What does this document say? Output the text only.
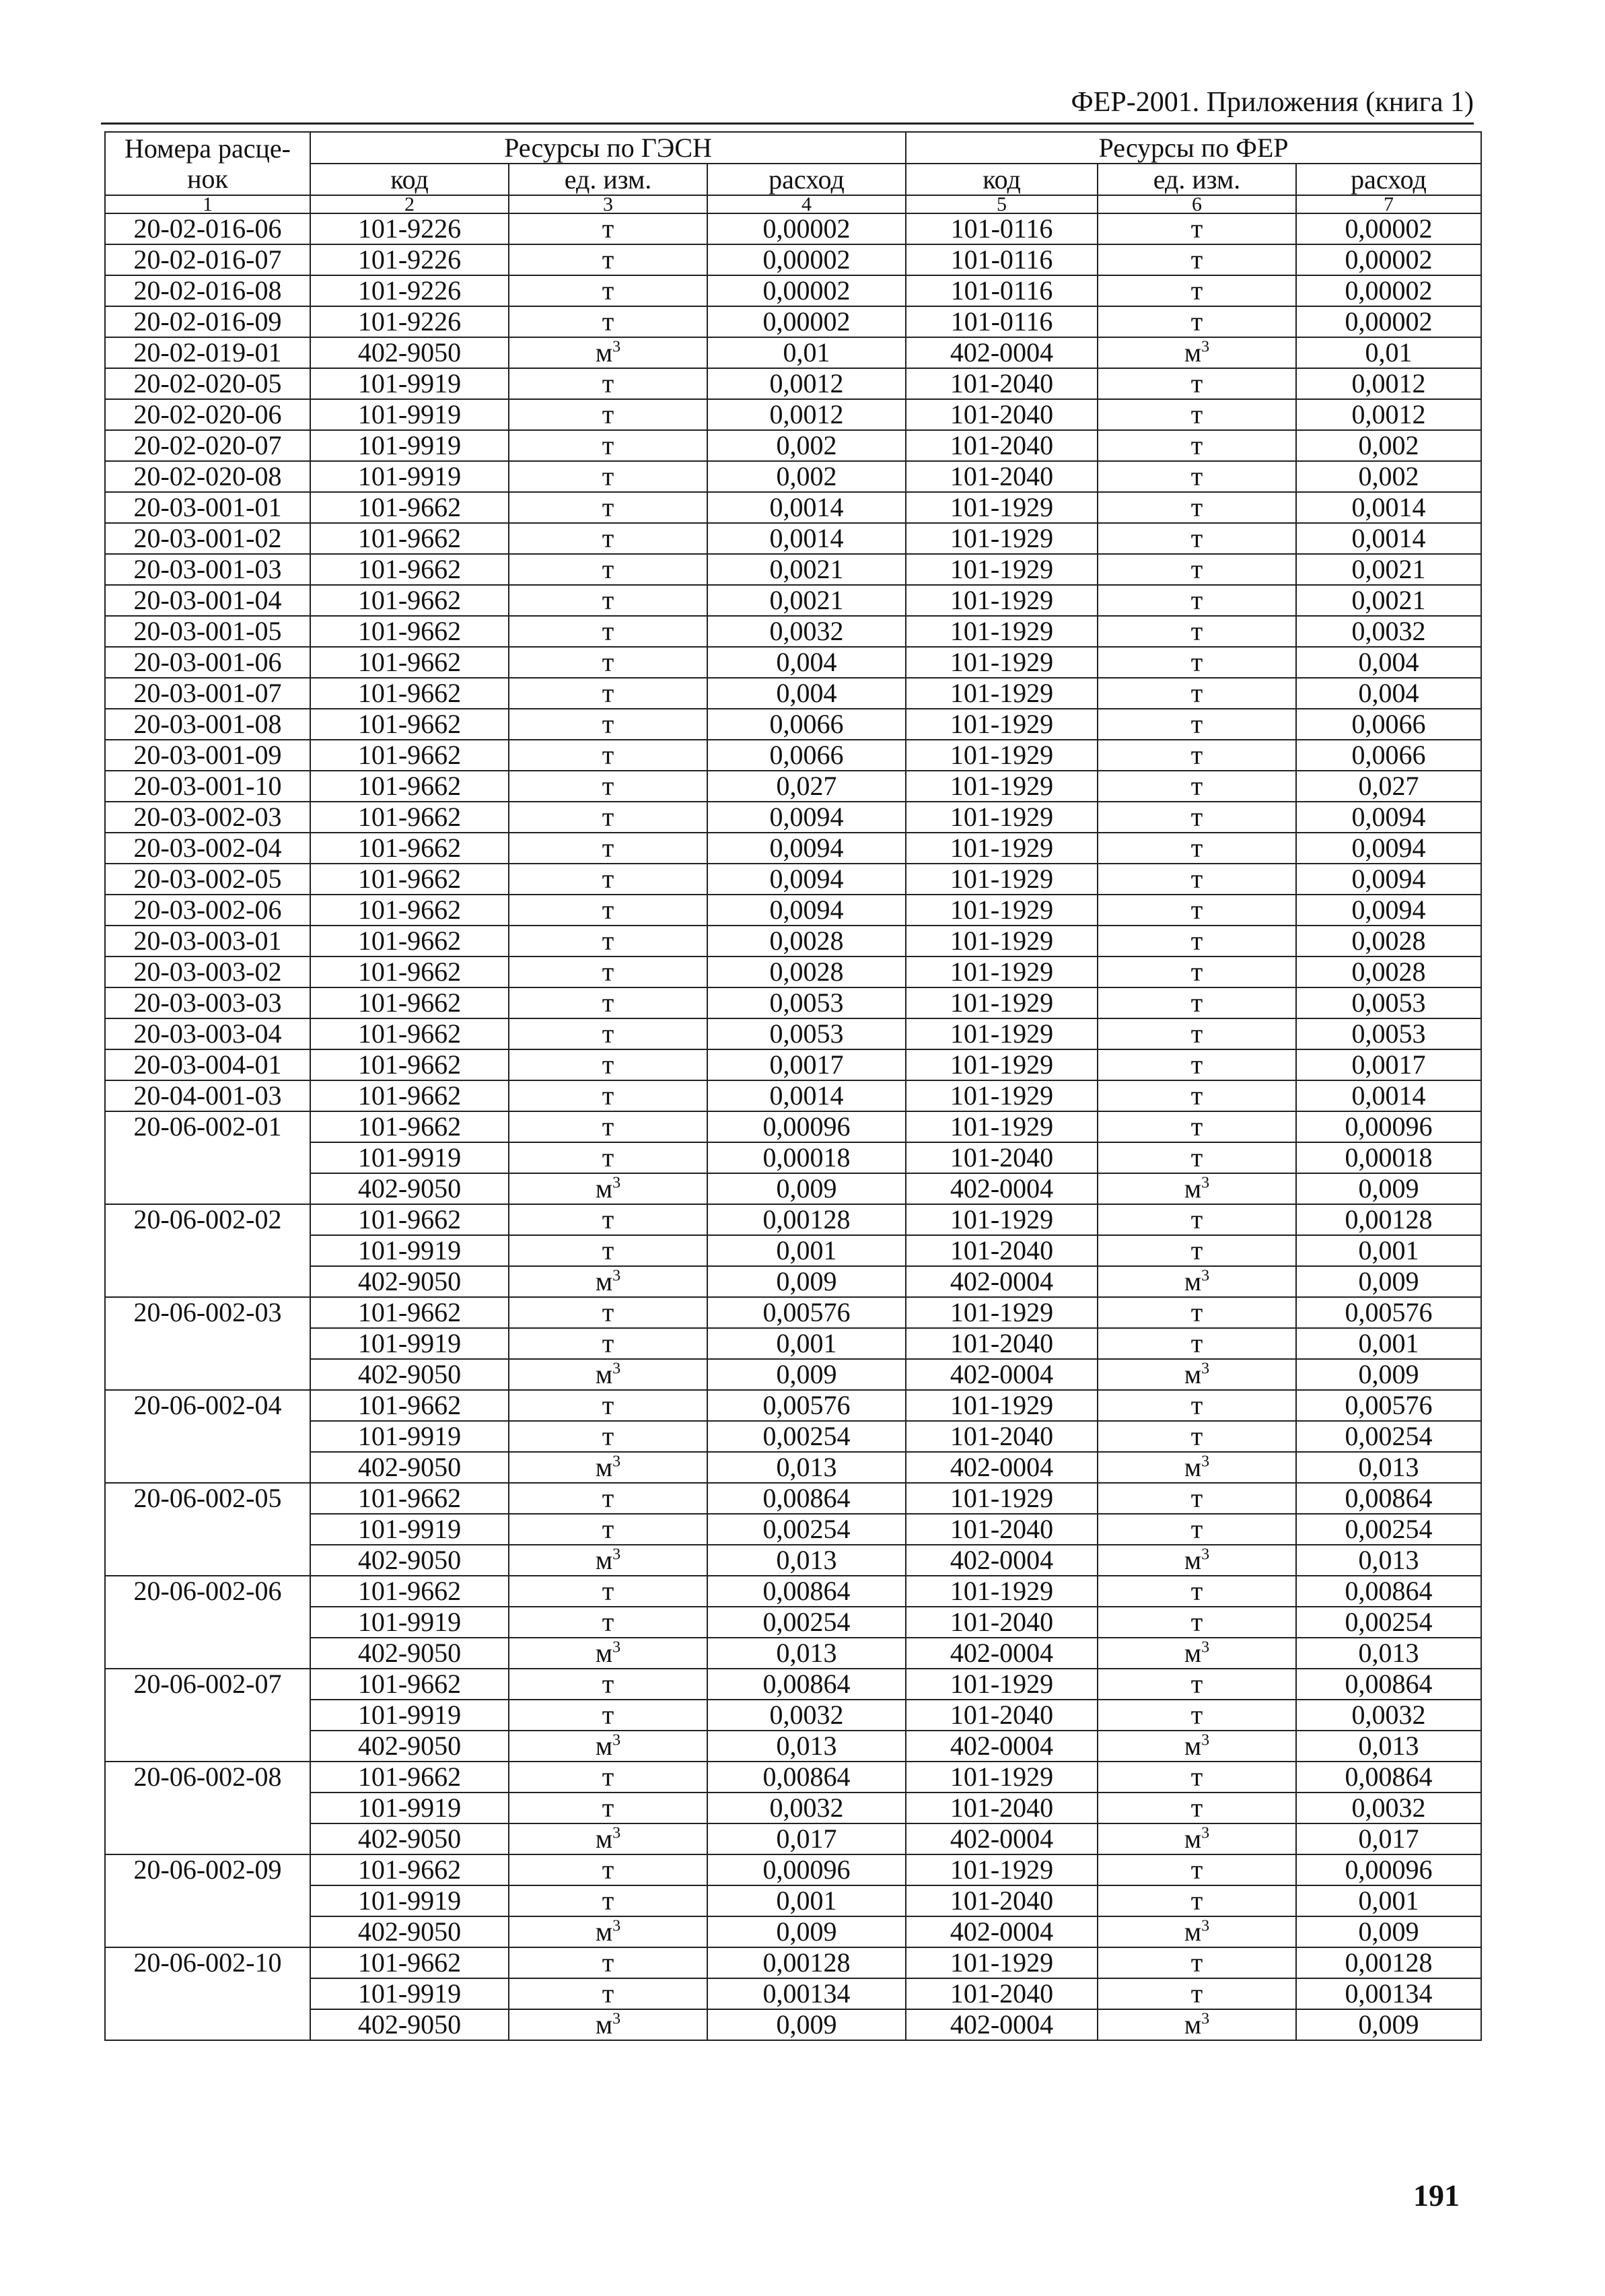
ФЕР-2001. Приложения (книга 1)
Номера расце-нок	Ресурсы по ГЭСН			Ресурсы по ФЕР		
	код	ед. изм.	расход	код	ед. изм.	расход
1	2	3	4	5	6	7
20-02-016-06	101-9226	т	0,00002	101-0116	т	0,00002
20-02-016-07	101-9226	т	0,00002	101-0116	т	0,00002
20-02-016-08	101-9226	т	0,00002	101-0116	т	0,00002
20-02-016-09	101-9226	т	0,00002	101-0116	т	0,00002
20-02-019-01	402-9050	$м^3$	0,01	402-0004	$м^3$	0,01
20-02-020-05	101-9919	т	0,0012	101-2040	т	0,0012
20-02-020-06	101-9919	т	0,0012	101-2040	т	0,0012
20-02-020-07	101-9919	т	0,002	101-2040	т	0,002
20-02-020-08	101-9919	т	0,002	101-2040	т	0,002
20-03-001-01	101-9662	т	0,0014	101-1929	т	0,0014
20-03-001-02	101-9662	т	0,0014	101-1929	т	0,0014
20-03-001-03	101-9662	т	0,0021	101-1929	т	0,0021
20-03-001-04	101-9662	т	0,0021	101-1929	т	0,0021
20-03-001-05	101-9662	т	0,0032	101-1929	т	0,0032
20-03-001-06	101-9662	т	0,004	101-1929	т	0,004
20-03-001-07	101-9662	т	0,004	101-1929	т	0,004
20-03-001-08	101-9662	т	0,0066	101-1929	т	0,0066
20-03-001-09	101-9662	т	0,0066	101-1929	т	0,0066
20-03-001-10	101-9662	т	0,027	101-1929	т	0,027
20-03-002-03	101-9662	т	0,0094	101-1929	т	0,0094
20-03-002-04	101-9662	т	0,0094	101-1929	т	0,0094
20-03-002-05	101-9662	т	0,0094	101-1929	т	0,0094
20-03-002-06	101-9662	т	0,0094	101-1929	т	0,0094
20-03-003-01	101-9662	т	0,0028	101-1929	т	0,0028
20-03-003-02	101-9662	т	0,0028	101-1929	т	0,0028
20-03-003-03	101-9662	т	0,0053	101-1929	т	0,0053
20-03-003-04	101-9662	т	0,0053	101-1929	т	0,0053
20-03-004-01	101-9662	т	0,0017	101-1929	т	0,0017
20-04-001-03	101-9662	т	0,0014	101-1929	т	0,0014
20-06-002-01	101-9662	т	0,00096	101-1929	т	0,00096
	101-9919	т	0,00018	101-2040	т	0,00018
	402-9050	$м^3$	0,009	402-0004	$м^3$	0,009
20-06-002-02	101-9662	т	0,00128	101-1929	т	0,00128
	101-9919	т	0,001	101-2040	т	0,001
	402-9050	$м^3$	0,009	402-0004	$м^3$	0,009
20-06-002-03	101-9662	т	0,00576	101-1929	т	0,00576
	101-9919	т	0,001	101-2040	т	0,001
	402-9050	$м^3$	0,009	402-0004	$м^3$	0,009
20-06-002-04	101-9662	т	0,00576	101-1929	т	0,00576
	101-9919	т	0,00254	101-2040	т	0,00254
	402-9050	$м^3$	0,013	402-0004	$м^3$	0,013
20-06-002-05	101-9662	т	0,00864	101-1929	т	0,00864
	101-9919	т	0,00254	101-2040	т	0,00254
	402-9050	$м^3$	0,013	402-0004	$м^3$	0,013
20-06-002-06	101-9662	т	0,00864	101-1929	т	0,00864
	101-9919	т	0,00254	101-2040	т	0,00254
	402-9050	$м^3$	0,013	402-0004	$м^3$	0,013
20-06-002-07	101-9662	т	0,00864	101-1929	т	0,00864
	101-9919	т	0,0032	101-2040	т	0,0032
	402-9050	$м^3$	0,013	402-0004	$м^3$	0,013
20-06-002-08	101-9662	т	0,00864	101-1929	т	0,00864
	101-9919	т	0,0032	101-2040	т	0,0032
	402-9050	$м^3$	0,017	402-0004	$м^3$	0,017
20-06-002-09	101-9662	т	0,00096	101-1929	т	0,00096
	101-9919	т	0,001	101-2040	т	0,001
	402-9050	$м^3$	0,009	402-0004	$м^3$	0,009
20-06-002-10	101-9662	т	0,00128	101-1929	т	0,00128
	101-9919	т	0,00134	101-2040	т	0,00134
	402-9050	$м^3$	0,009	402-0004	$м^3$	0,009
191
